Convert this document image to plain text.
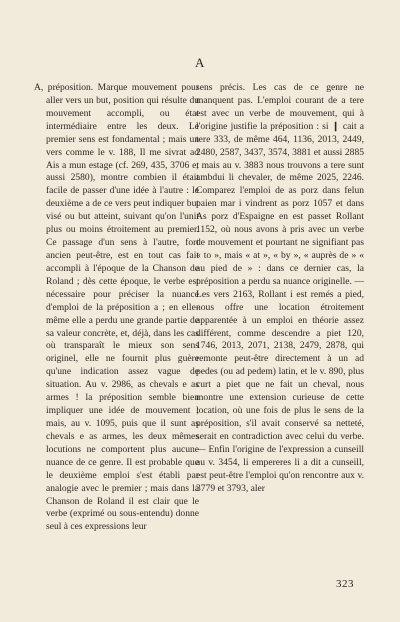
A

A, préposition. Marque mouvement pour aller vers un but, position qui résulte du mouvement accompli, ou état intermédiaire entre les deux. Le premier sens est fondamental ; mais un vers comme le v. 188, Il me sivrat ad Ais a mun estage (cf. 269, 435, 3706 et aussi 2580), montre combien il était facile de passer d'une idée à l'autre : le deuxième a de ce vers peut indiquer but visé ou but atteint, suivant qu'on l'unit plus ou moins étroitement au premier. Ce passage d'un sens à l'autre, fort ancien peut-être, est en tout cas fait accompli à l'époque de la Chanson de Roland ; dès cette époque, le verbe est nécessaire pour préciser la nuance d'emploi de la préposition a ; en elle-même elle a perdu une grande partie de sa valeur concrète, et, déjà, dans les cas où transparaît le mieux son sens originel, elle ne fournit plus guère qu'une indication assez vague de situation. Au v. 2986, as chevals e as armes ! la préposition semble bien impliquer une idée de mouvement ; mais, au v. 1095, puis que il sunt as chevals e as armes, les deux mêmes locutions ne comportent plus aucune nuance de ce genre. Il est probable que le deuxième emploi s'est établi par analogie avec le premier ; mais dans la Chanson de Roland il est clair que le verbe (exprimé ou sous-entendu) donne seul à ces expressions leur

sens précis. Les cas de ce genre ne manquent pas. L'emploi courant de a tere est avec un verbe de mouvement, qui à l'origine justifie la préposition : si ❙ cait a tere 333, de même 464, 1136, 2013, 2449, 2480, 2587, 3437, 3574, 3881 et aussi 2885 ; mais au v. 3883 nous trouvons a tere sunt ambdui li chevaler, de même 2025, 2246. Comparez l'emploi de as porz dans felun paien mar i vindrent as porz 1057 et dans As porz d'Espaigne en est passet Rollant 1152, où nous avons à pris avec un verbe de mouvement et pourtant ne signifiant pas « to », mais « at », « by », « auprès de » « au pied de » : dans ce dernier cas, la préposition a perdu sa nuance originelle. — Les vers 2163, Rollant i est remés a pied, nous offre une location étroitement apparentée à un emploi en théorie assez différent, comme descendre a piet 120, 1746, 2013, 2071, 2138, 2479, 2878, qui remonte peut-être directement à un ad pedes (ou ad pedem) latin, et le v. 890, plus curt a piet que ne fait un cheval, nous montre une extension curieuse de cette location, où une fois de plus le sens de la préposition, s'il avait conservé sa netteté, serait en contradiction avec celui du verbe. — Enfin l'origine de l'expression a cunseill au v. 3454, li empereres li a dit a cunseill, est peut-être l'emploi qu'on rencontre aux v. 3779 et 3793, aler

323
